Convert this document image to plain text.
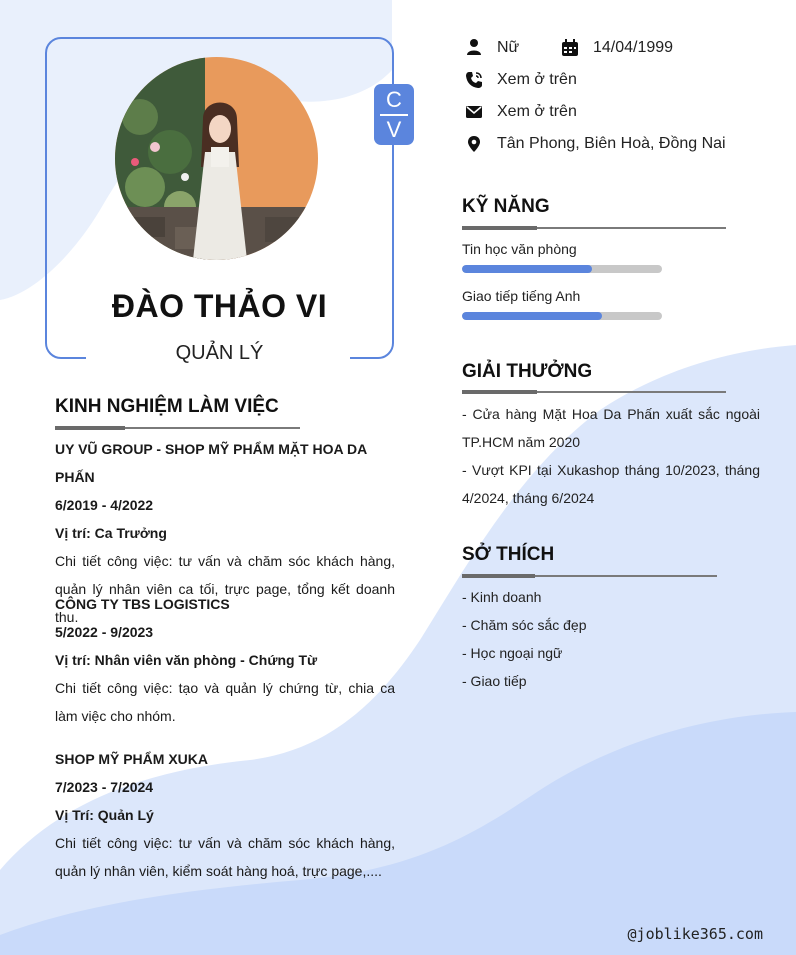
C
V
ĐÀO THẢO VI
QUẢN LÝ
KINH NGHIỆM LÀM VIỆC
UY VŨ GROUP - SHOP MỸ PHẨM MẶT HOA DA PHẤN
6/2019 - 4/2022
Vị trí: Ca Trưởng
Chi tiết công việc: tư vấn và chăm sóc khách hàng, quản lý nhân viên ca tối, trực page, tổng kết doanh thu.
CÔNG TY TBS LOGISTICS
5/2022 - 9/2023
Vị trí: Nhân viên văn phòng - Chứng Từ
Chi tiết công việc: tạo và quản lý chứng từ, chia ca làm việc cho nhóm.
SHOP MỸ PHẨM XUKA
7/2023 - 7/2024
Vị Trí: Quản Lý
Chi tiết công việc: tư vấn và chăm sóc khách hàng, quản lý nhân viên, kiểm soát hàng hoá, trực page,....
Nữ	14/04/1999
Xem ở trên
Xem ở trên
Tân Phong, Biên Hoà, Đồng Nai
KỸ NĂNG
Tin học văn phòng
Giao tiếp tiếng Anh
GIẢI THƯỞNG
- Cửa hàng Mặt Hoa Da Phấn xuất sắc ngoài TP.HCM năm 2020
- Vượt KPI tại Xukashop tháng 10/2023, tháng 4/2024, tháng 6/2024
SỞ THÍCH
- Kinh doanh
- Chăm sóc sắc đẹp
- Học ngoại ngữ
- Giao tiếp
@joblike365.com
